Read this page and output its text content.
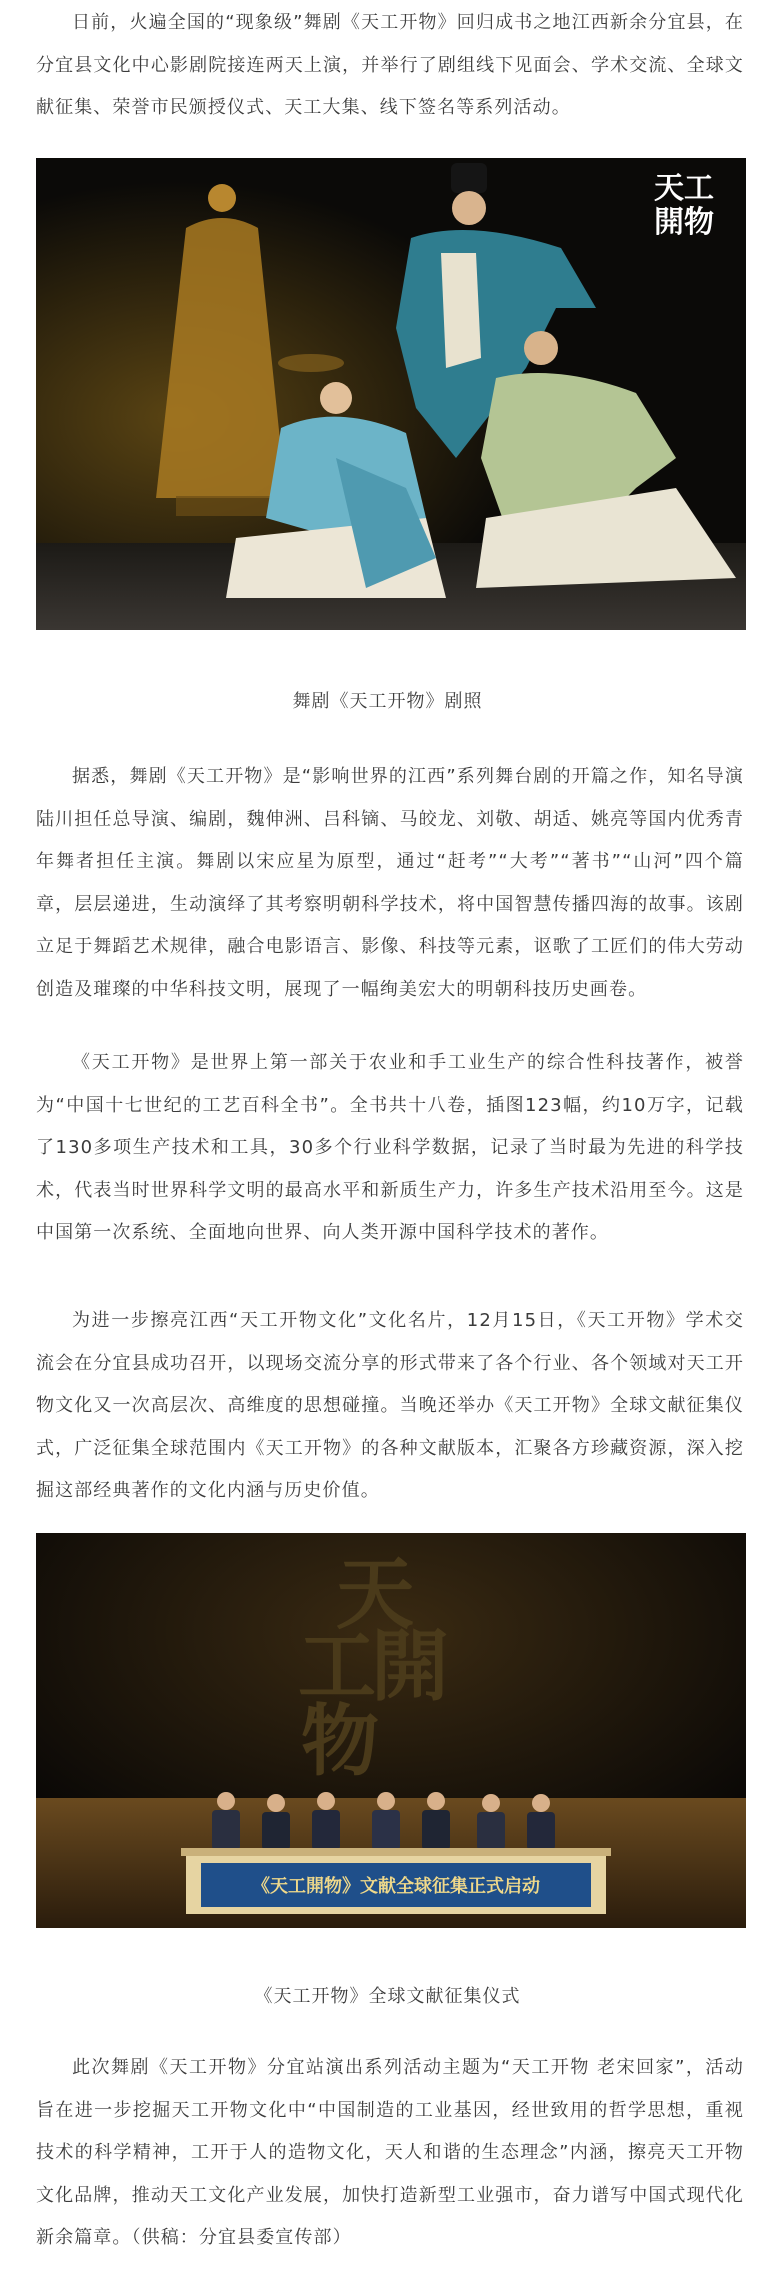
日前，火遍全国的“现象级”舞剧《天工开物》回归成书之地江西新余分宜县，在分宜县文化中心影剧院接连两天上演，并举行了剧组线下见面会、学术交流、全球文献征集、荣誉市民颁授仪式、天工大集、线下签名等系列活动。

天工
開物
舞剧《天工开物》剧照

据悉，舞剧《天工开物》是“影响世界的江西”系列舞台剧的开篇之作，知名导演陆川担任总导演、编剧，魏伸洲、吕科镝、马皎龙、刘敬、胡适、姚亮等国内优秀青年舞者担任主演。舞剧以宋应星为原型，通过“赶考”“大考”“著书”“山河”四个篇章，层层递进，生动演绎了其考察明朝科学技术，将中国智慧传播四海的故事。该剧立足于舞蹈艺术规律，融合电影语言、影像、科技等元素，讴歌了工匠们的伟大劳动创造及璀璨的中华科技文明，展现了一幅绚美宏大的明朝科技历史画卷。

《天工开物》是世界上第一部关于农业和手工业生产的综合性科技著作，被誉为“中国十七世纪的工艺百科全书”。全书共十八卷，插图123幅，约10万字，记载了130多项生产技术和工具，30多个行业科学数据，记录了当时最为先进的科学技术，代表当时世界科学文明的最高水平和新质生产力，许多生产技术沿用至今。这是中国第一次系统、全面地向世界、向人类开源中国科学技术的著作。

为进一步擦亮江西“天工开物文化”文化名片，12月15日，《天工开物》学术交流会在分宜县成功召开，以现场交流分享的形式带来了各个行业、各个领域对天工开物文化又一次高层次、高维度的思想碰撞。当晚还举办《天工开物》全球文献征集仪式，广泛征集全球范围内《天工开物》的各种文献版本，汇聚各方珍藏资源，深入挖掘这部经典著作的文化内涵与历史价值。

天
工
開
物
《天工開物》文献全球征集正式启动
《天工开物》全球文献征集仪式

此次舞剧《天工开物》分宜站演出系列活动主题为“天工开物 老宋回家”，活动旨在进一步挖掘天工开物文化中“中国制造的工业基因，经世致用的哲学思想，重视技术的科学精神，工开于人的造物文化，天人和谐的生态理念”内涵，擦亮天工开物文化品牌，推动天工文化产业发展，加快打造新型工业强市，奋力谱写中国式现代化新余篇章。（供稿：分宜县委宣传部）
